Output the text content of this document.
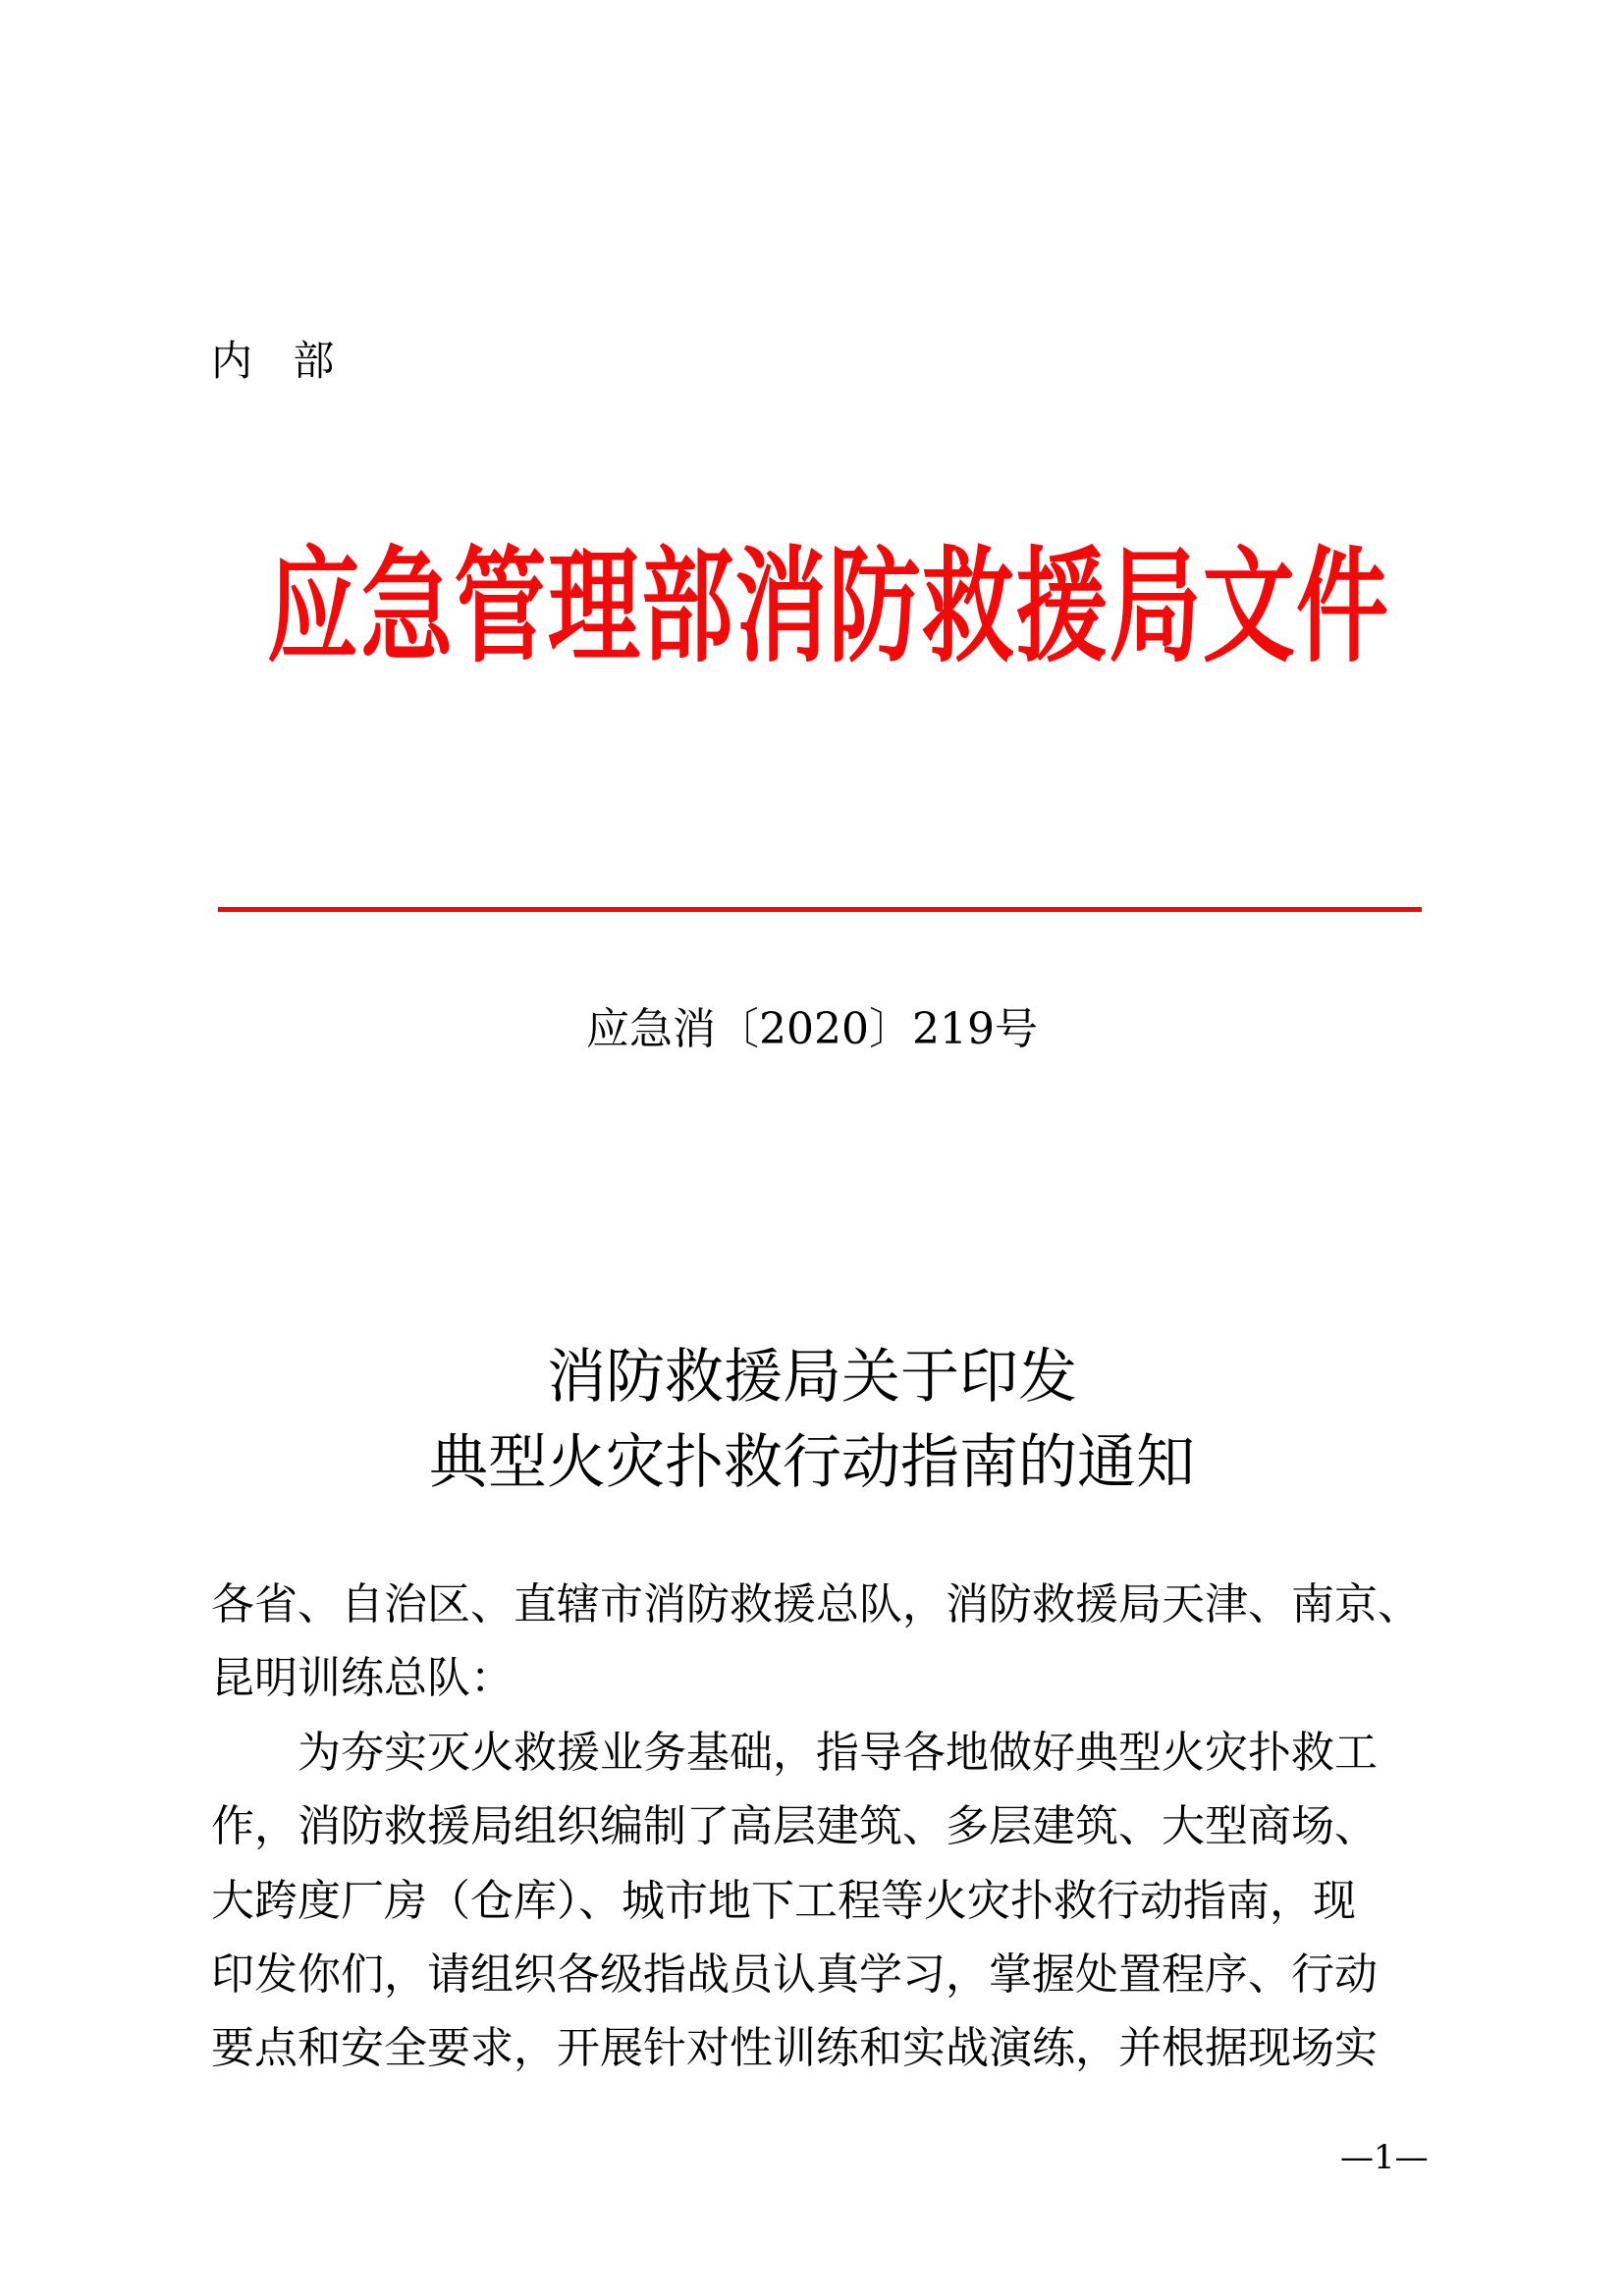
内 部
应急管理部消防救援局文件
应急消〔2020〕219号
消防救援局关于印发
典型火灾扑救行动指南的通知
各省、自治区、直辖市消防救援总队，消防救援局天津、南京、
昆明训练总队：
　　为夯实灭火救援业务基础，指导各地做好典型火灾扑救工
作，消防救援局组织编制了高层建筑、多层建筑、大型商场、
大跨度厂房（仓库）、城市地下工程等火灾扑救行动指南，现
印发你们，请组织各级指战员认真学习，掌握处置程序、行动
要点和安全要求，开展针对性训练和实战演练，并根据现场实
—1—
